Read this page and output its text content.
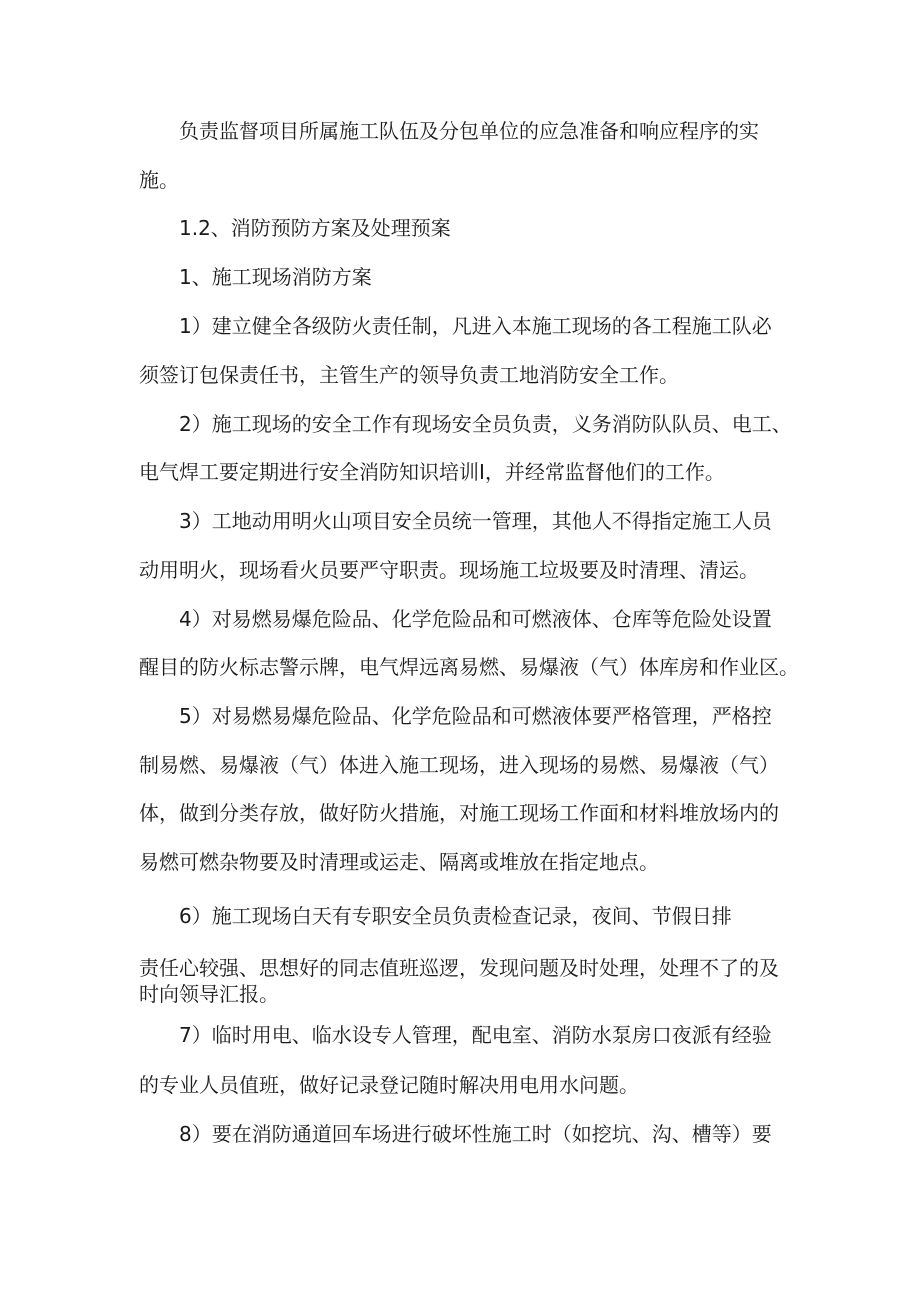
负责监督项目所属施工队伍及分包单位的应急准备和响应程序的实
施。
1.2、消防预防方案及处理预案
1、施工现场消防方案
1）建立健全各级防火责任制，凡进入本施工现场的各工程施工队必
须签订包保责任书，主管生产的领导负责工地消防安全工作。
2）施工现场的安全工作有现场安全员负责，义务消防队队员、电工、
电气焊工要定期进行安全消防知识培训I，并经常监督他们的工作。
3）工地动用明火山项目安全员统一管理，其他人不得指定施工人员
动用明火，现场看火员要严守职责。现场施工垃圾要及时清理、清运。
4）对易燃易爆危险品、化学危险品和可燃液体、仓库等危险处设置
醒目的防火标志警示牌，电气焊远离易燃、易爆液（气）体库房和作业区。
5）对易燃易爆危险品、化学危险品和可燃液体要严格管理，严格控
制易燃、易爆液（气）体进入施工现场，进入现场的易燃、易爆液（气）
体，做到分类存放，做好防火措施，对施工现场工作面和材料堆放场内的
易燃可燃杂物要及时清理或运走、隔离或堆放在指定地点。
6）施工现场白天有专职安全员负责检查记录，夜间、节假日排
责任心较强、思想好的同志值班巡逻，发现问题及时处理，处理不了的及
时向领导汇报。
7）临时用电、临水设专人管理，配电室、消防水泵房口夜派有经验
的专业人员值班，做好记录登记随时解决用电用水问题。
8）要在消防通道回车场进行破坏性施工时（如挖坑、沟、槽等）要
